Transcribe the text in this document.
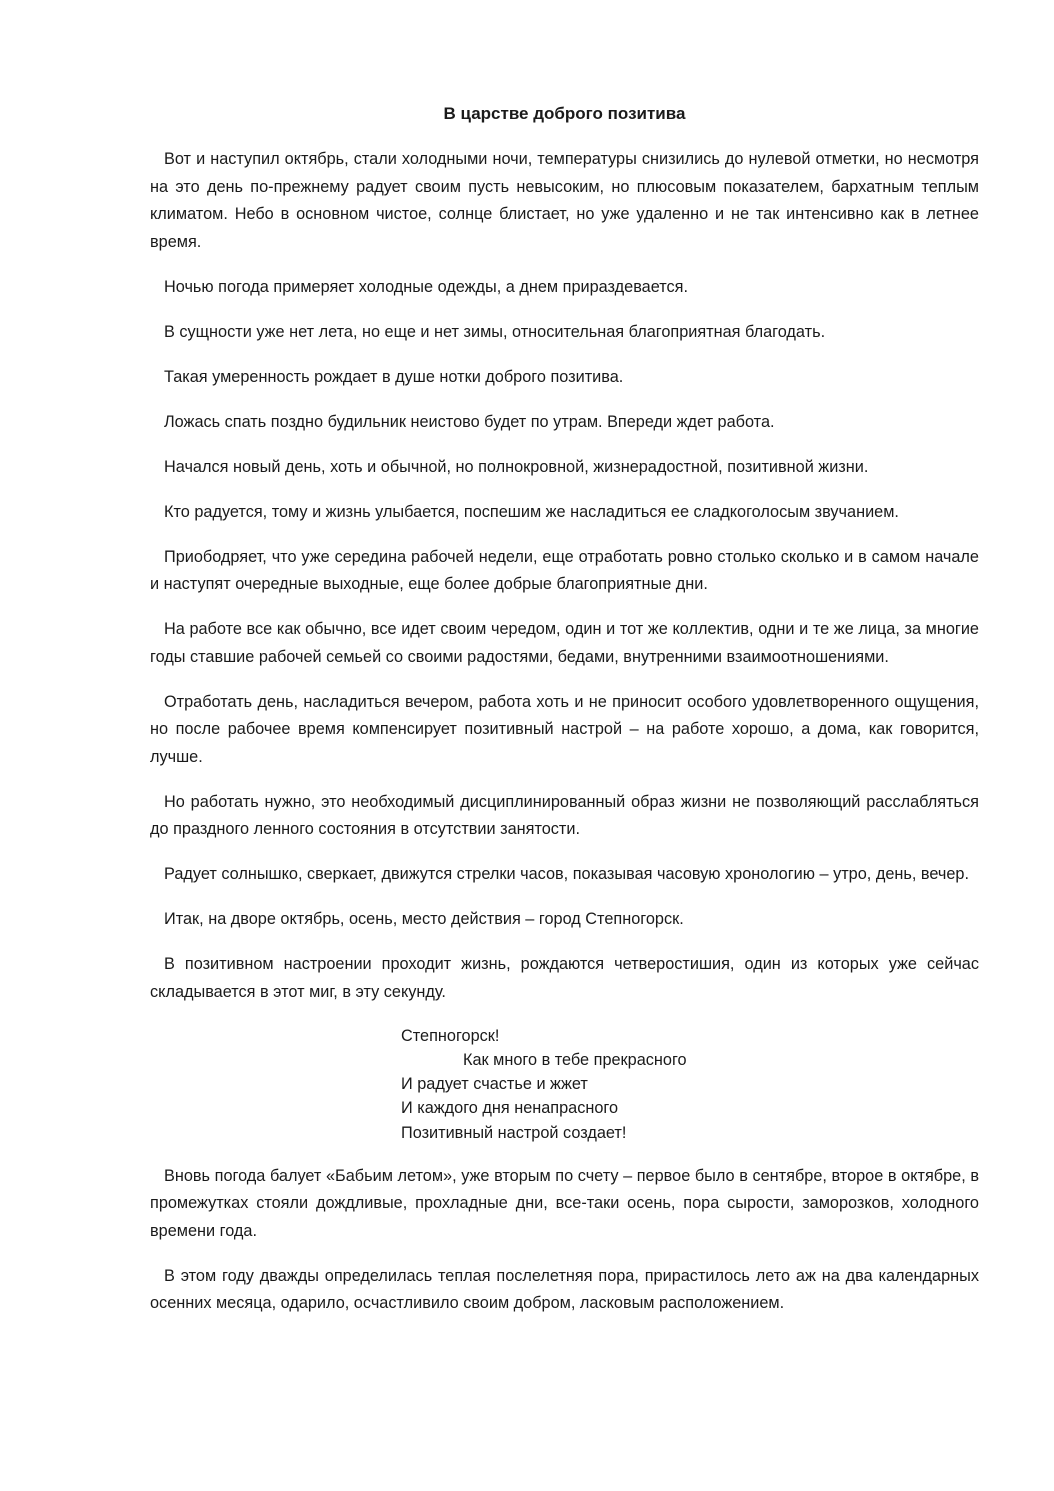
В царстве доброго позитива

Вот и наступил октябрь, стали холодными ночи, температуры снизились до нулевой отметки, но несмотря на это день по-прежнему радует своим пусть невысоким, но плюсовым показателем, бархатным теплым климатом. Небо в основном чистое, солнце блистает, но уже удаленно и не так интенсивно как в летнее время.

Ночью погода примеряет холодные одежды, а днем прираздевается.

В сущности уже нет лета, но еще и нет зимы, относительная благоприятная благодать.

Такая умеренность рождает в душе нотки доброго позитива.

Ложась спать поздно будильник неистово будет по утрам. Впереди ждет работа.

Начался новый день, хоть и обычной, но полнокровной, жизнерадостной, позитивной жизни.

Кто радуется, тому и жизнь улыбается, поспешим же насладиться ее сладкоголосым звучанием.

Приободряет, что уже середина рабочей недели, еще отработать ровно столько сколько и в самом начале и наступят очередные выходные, еще более добрые благоприятные дни.

На работе все как обычно, все идет своим чередом, один и тот же коллектив, одни и те же лица, за многие годы ставшие рабочей семьей со своими радостями, бедами, внутренними взаимоотношениями.

Отработать день, насладиться вечером, работа хоть и не приносит особого удовлетворенного ощущения, но после рабочее время компенсирует позитивный настрой – на работе хорошо, а дома, как говорится, лучше.

Но работать нужно, это необходимый дисциплинированный образ жизни не позволяющий расслабляться до праздного ленного состояния в отсутствии занятости.

Радует солнышко, сверкает, движутся стрелки часов, показывая часовую хронологию – утро, день, вечер.

Итак, на дворе октябрь, осень, место действия – город Степногорск.

В позитивном настроении проходит жизнь, рождаются четверостишия, один из которых уже сейчас складывается в этот миг, в эту секунду.

Степногорск!
Как много в тебе прекрасного
И радует счастье и жжет
И каждого дня ненапрасного
Позитивный настрой создает!

Вновь погода балует «Бабьим летом», уже вторым по счету – первое было в сентябре, второе в октябре, в промежутках стояли дождливые, прохладные дни, все-таки осень, пора сырости, заморозков, холодного времени года.

В этом году дважды определилась теплая послелетняя пора, прирастилось лето аж на два календарных осенних месяца, одарило, осчастливило своим добром, ласковым расположением.
